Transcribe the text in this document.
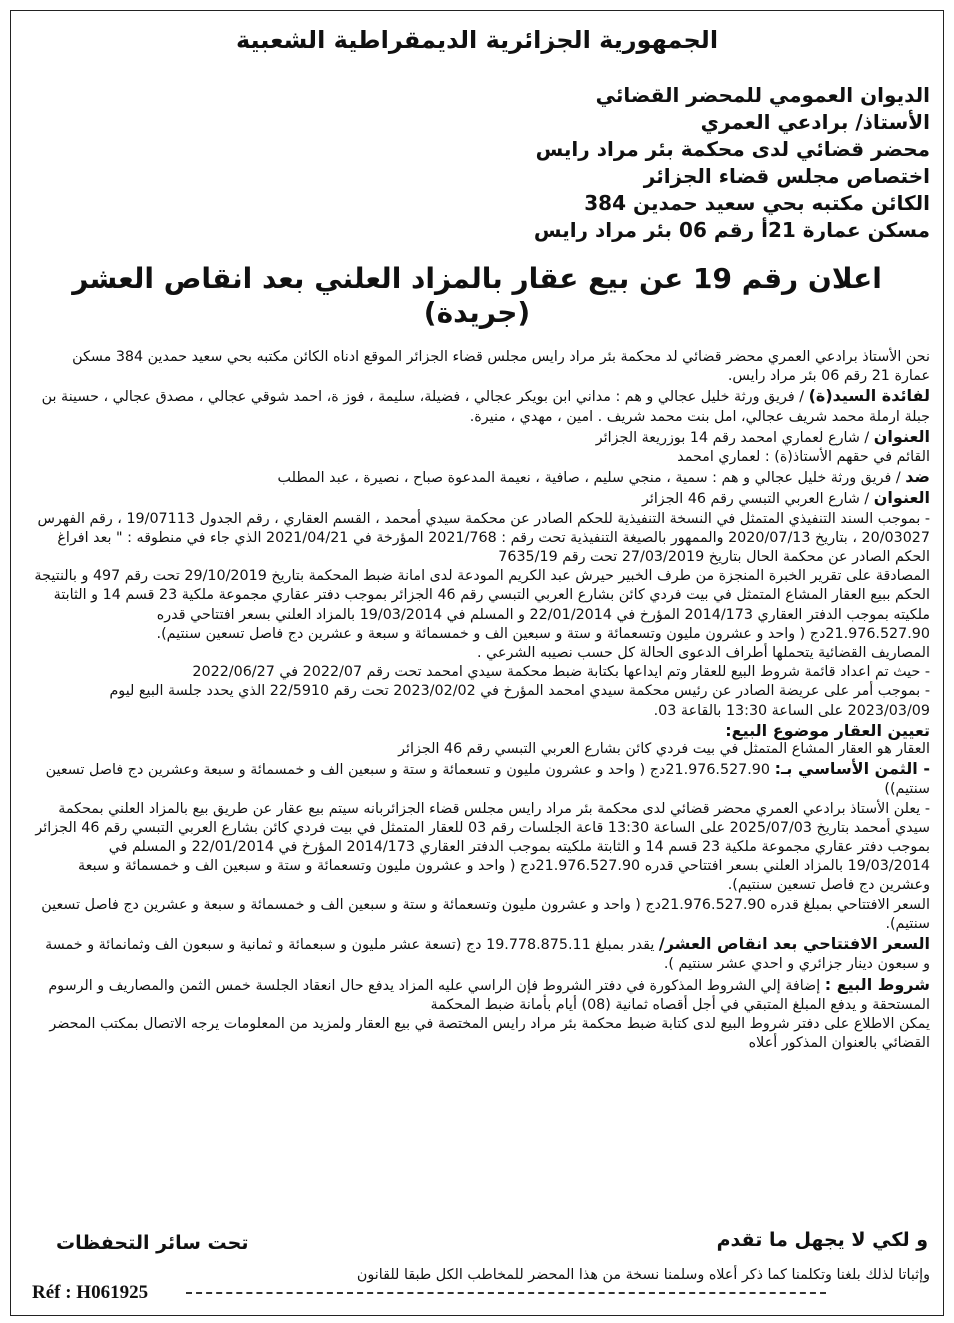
الجمهورية الجزائرية الديمقراطية الشعبية
الديوان العمومي للمحضر القضائي
الأستاذ/ برادعي العمري
محضر قضائي لدى محكمة بئر مراد رايس
اختصاص مجلس قضاء الجزائر
الكائن مكتبه بحي سعيد حمدين 384
مسكن عمارة 21أ رقم 06 بئر مراد رايس
اعلان رقم 19 عن بيع عقار بالمزاد العلني بعد انقاص العشر
(جريدة)

نحن الأستاذ برادعي العمري محضر قضائي لد محكمة بئر مراد رايس مجلس قضاء الجزائر الموقع ادناه الكائن مكتبه بحي سعيد حمدين 384 مسكن عمارة 21 رقم 06 بئر مراد رايس.

لفائدة السيد(ة) / فريق ورثة خليل عجالي و هم : مداني ابن بويكر عجالي ، فضيلة، سليمة ، فوز ة، احمد شوقي عجالي ، مصدق عجالي ، حسينة بن جبلة ارملة محمد شريف عجالي، امل بنت محمد شريف . امين ، مهدي ، منيرة.

العنوان / شارع لعماري امحمد رقم 14 بوزريعة الجزائر

القائم في حقهم الأستاذ(ة) : لعماري امحمد

ضد / فريق ورثة خليل عجالي و هم : سمية ، منجي سليم ، صافية ، نعيمة المدعوة صباح ، نصيرة ، عبد المطلب

العنوان / شارع العربي التبسي رقم 46 الجزائر

- بموجب السند التنفيذي المتمثل في النسخة التنفيذية للحكم الصادر عن محكمة سيدي أمحمد ، القسم العقاري ، رقم الجدول 19/07113 ، رقم الفهرس 20/03027 ، بتاريخ 2020/07/13 والممهور بالصيغة التنفيذية تحت رقم : 2021/768 المؤرخة في 2021/04/21 الذي جاء في منطوقه : " بعد افراغ الحكم الصادر عن محكمة الحال بتاريخ 27/03/2019 تحت رقم 7635/19

المصادقة على تقرير الخبرة المنجزة من طرف الخبير حيرش عبد الكريم المودعة لدى امانة ضبط المحكمة بتاريخ 29/10/2019 تحت رقم 497 و بالنتيجة الحكم ببيع العقار المشاع المتمثل في بيت فردي كائن بشارع العربي التبسي رقم 46 الجزائر بموجب دفتر عقاري مجموعة ملكية 23 قسم 14 و الثابتة ملكيته بموجب الدفتر العقاري 2014/173 المؤرخ في 22/01/2014 و المسلم في 19/03/2014 بالمزاد العلني بسعر افتتاحي قدره 21.976.527.90دج ( واحد و عشرون مليون وتسعمائة و ستة و سبعين الف و خمسمائة و سبعة و عشرين دج فاصل تسعين سنتيم).

المصاريف القضائية يتحملها أطراف الدعوى الحالة كل حسب نصيبه الشرعي .

- حيث تم اعداد قائمة شروط البيع للعقار وتم ايداعها بكتابة ضبط محكمة سيدي امحمد تحت رقم 2022/07 في 2022/06/27

- بموجب أمر على عريضة الصادر عن رئيس محكمة سيدي امحمد المؤرخ في 2023/02/02 تحت رقم 22/5910 الذي يحدد جلسة البيع ليوم 2023/03/09 على الساعة 13:30 بالقاعة 03.

تعيين العقار موضوع البيع:

العقار هو العقار المشاع المتمثل في بيت فردي كائن بشارع العربي التبسي رقم 46 الجزائر

- الثمن الأساسي بـ: 21.976.527.90دج ( واحد و عشرون مليون و تسعمائة و ستة و سبعين الف و خمسمائة و سبعة وعشرين دج فاصل تسعين سنتيم))

- يعلن الأستاذ برادعي العمري محضر قضائي لدى محكمة بئر مراد رايس مجلس قضاء الجزائربانه سيتم بيع عقار عن طريق بيع بالمزاد العلني بمحكمة سيدي أمحمد بتاريخ 2025/07/03 على الساعة 13:30 قاعة الجلسات رقم 03 للعقار المتمثل في بيت فردي كائن بشارع العربي التبسي رقم 46 الجزائر بموجب دفتر عقاري مجموعة ملكية 23 قسم 14 و الثابتة ملكيته بموجب الدفتر العقاري 2014/173 المؤرخ في 22/01/2014 و المسلم في 19/03/2014 بالمزاد العلني بسعر افتتاحي قدره 21.976.527.90دج ( واحد و عشرون مليون وتسعمائة و ستة و سبعين الف و خمسمائة و سبعة وعشرين دج فاصل تسعين سنتيم).

السعر الافتتاحي بمبلغ قدره 21.976.527.90دج ( واحد و عشرون مليون وتسعمائة و ستة و سبعين الف و خمسمائة و سبعة و عشرين دج فاصل تسعين سنتيم).

السعر الافتتاحي بعد انقاص العشر/ يقدر بمبلغ 19.778.875.11 دج (تسعة عشر مليون و سبعمائة و ثمانية و سبعون الف وثمانمائة و خمسة و سبعون دينار جزائري و احدي عشر سنتيم ).

شروط البيع : إضافة إلي الشروط المذكورة في دفتر الشروط فإن الراسي عليه المزاد يدفع حال انعقاد الجلسة خمس الثمن والمصاريف و الرسوم المستحقة و يدفع المبلغ المتبقي في أجل أقصاه ثمانية (08) أيام بأمانة ضبط المحكمة

يمكن الاطلاع على دفتر شروط البيع لدى كتابة ضبط محكمة بئر مراد رايس المختصة في بيع العقار ولمزيد من المعلومات يرجه الاتصال بمكتب المحضر القضائي بالعنوان المذكور أعلاه

و لكي لا يجهل ما تقدم
تحت سائر التحفظات
وإثباتا لذلك بلغنا وتكلمنا كما ذكر أعلاه وسلمنا نسخة من هذا المحضر للمخاطب الكل طبقا للقانون
Réf : H061925
